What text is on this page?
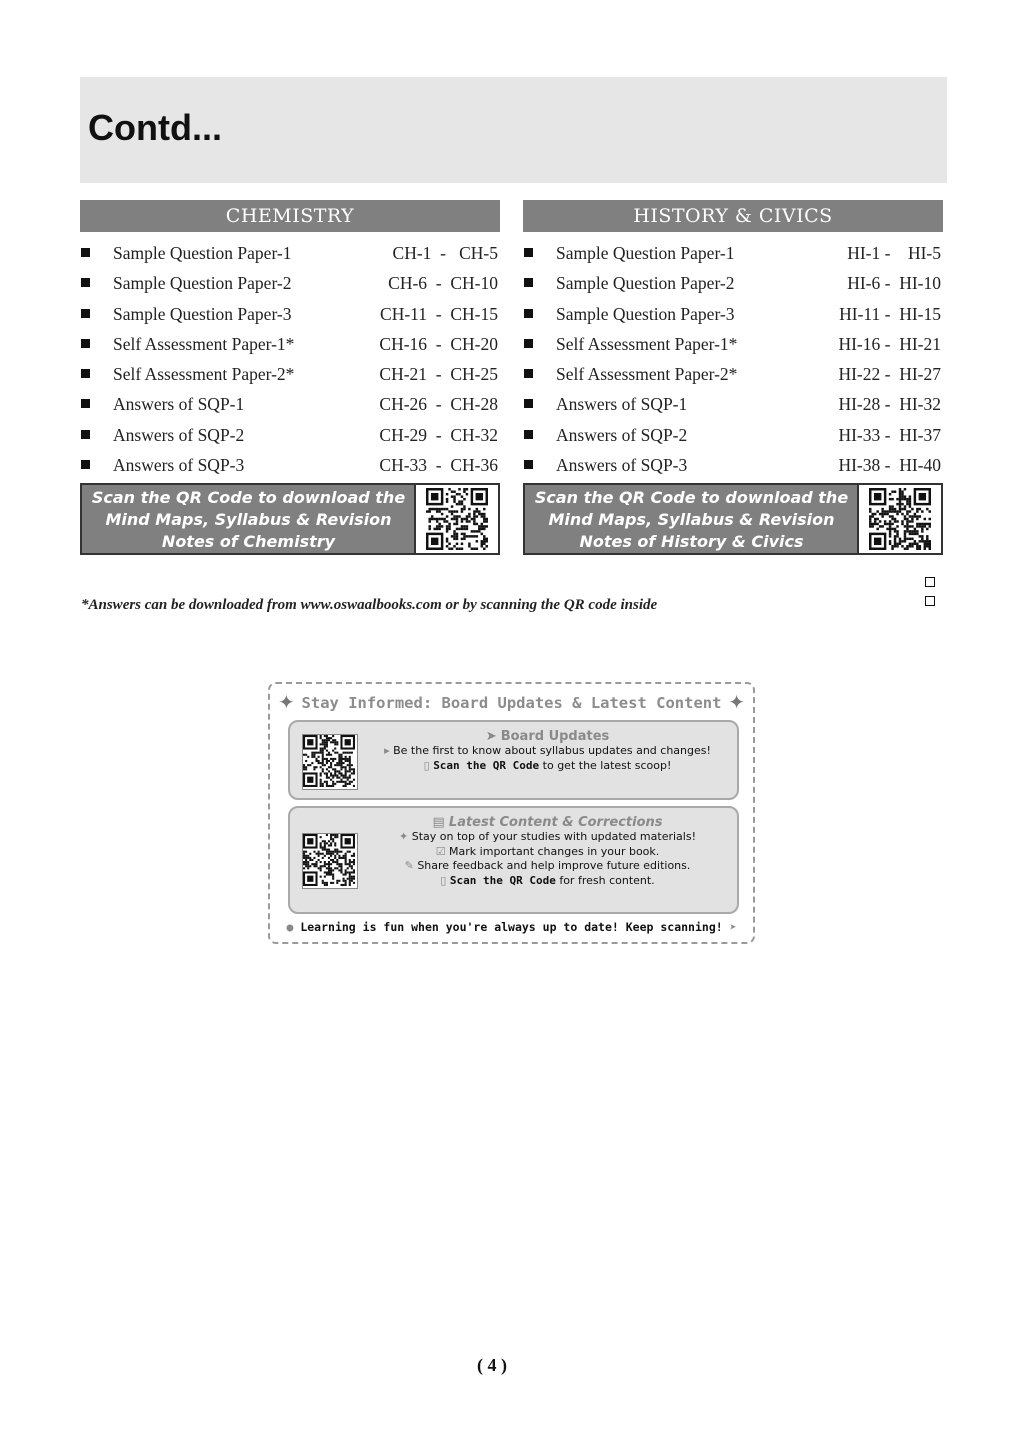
Contd...
CHEMISTRY
Sample Question Paper-1	CH-1  -   CH-5
Sample Question Paper-2	CH-6  -  CH-10
Sample Question Paper-3	CH-11  -  CH-15
Self Assessment Paper-1*	CH-16  -  CH-20
Self Assessment Paper-2*	CH-21  -  CH-25
Answers of SQP-1	CH-26  -  CH-28
Answers of SQP-2	CH-29  -  CH-32
Answers of SQP-3	CH-33  -  CH-36
Scan the QR Code to download the
Mind Maps, Syllabus & Revision
Notes of Chemistry
HISTORY & CIVICS
Sample Question Paper-1	HI-1 -    HI-5
Sample Question Paper-2	HI-6 -  HI-10
Sample Question Paper-3	HI-11 -  HI-15
Self Assessment Paper-1*	HI-16 -  HI-21
Self Assessment Paper-2*	HI-22 -  HI-27
Answers of SQP-1	HI-28 -  HI-32
Answers of SQP-2	HI-33 -  HI-37
Answers of SQP-3	HI-38 -  HI-40
Scan the QR Code to download the
Mind Maps, Syllabus & Revision
Notes of History & Civics
*Answers can be downloaded from www.oswaalbooks.com or by scanning the QR code inside
✦	✦
Stay Informed: Board Updates & Latest Content
➤ Board Updates
▸ Be the first to know about syllabus updates and changes!
▯ Scan the QR Code to get the latest scoop!
▤ Latest Content & Corrections
✦ Stay on top of your studies with updated materials!
☑ Mark important changes in your book.
✎ Share feedback and help improve future editions.
▯ Scan the QR Code for fresh content.
● Learning is fun when you're always up to date! Keep scanning! ➤
( 4 )
